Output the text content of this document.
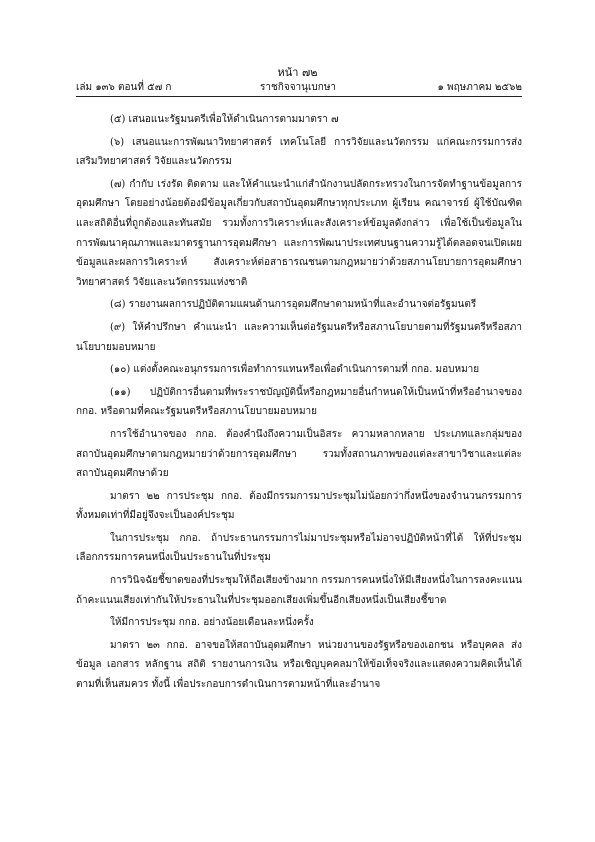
หน้า ๗๒
เล่ม ๑๓๖ ตอนที่ ๕๗ ก	ราชกิจจานุเบกษา	๑ พฤษภาคม ๒๕๖๒

(๕) เสนอแนะรัฐมนตรีเพื่อให้ดำเนินการตามมาตรา ๗

(๖) เสนอแนะการพัฒนาวิทยาศาสตร์ เทคโนโลยี การวิจัยและนวัตกรรม แก่คณะกรรมการส่งเสริมวิทยาศาสตร์ วิจัยและนวัตกรรม

(๗) กำกับ เร่งรัด ติดตาม และให้คำแนะนำแก่สำนักงานปลัดกระทรวงในการจัดทำฐานข้อมูลการอุดมศึกษา โดยอย่างน้อยต้องมีข้อมูลเกี่ยวกับสถาบันอุดมศึกษาทุกประเภท ผู้เรียน คณาจารย์ ผู้ใช้บัณฑิต และสถิติอื่นที่ถูกต้องและทันสมัย รวมทั้งการวิเคราะห์และสังเคราะห์ข้อมูลดังกล่าว เพื่อใช้เป็นข้อมูลในการพัฒนาคุณภาพและมาตรฐานการอุดมศึกษา และการพัฒนาประเทศบนฐานความรู้ได้ตลอดจนเปิดเผยข้อมูลและผลการวิเคราะห์ สังเคราะห์ต่อสาธารณชนตามกฎหมายว่าด้วยสภานโยบายการอุดมศึกษา วิทยาศาสตร์ วิจัยและนวัตกรรมแห่งชาติ

(๘) รายงานผลการปฏิบัติตามแผนด้านการอุดมศึกษาตามหน้าที่และอำนาจต่อรัฐมนตรี

(๙) ให้คำปรึกษา คำแนะนำ และความเห็นต่อรัฐมนตรีหรือสภานโยบายตามที่รัฐมนตรีหรือสภานโยบายมอบหมาย

(๑๐) แต่งตั้งคณะอนุกรรมการเพื่อทำการแทนหรือเพื่อดำเนินการตามที่ กกอ. มอบหมาย

(๑๑) ปฏิบัติการอื่นตามที่พระราชบัญญัตินี้หรือกฎหมายอื่นกำหนดให้เป็นหน้าที่หรืออำนาจของ กกอ. หรือตามที่คณะรัฐมนตรีหรือสภานโยบายมอบหมาย

การใช้อำนาจของ กกอ. ต้องคำนึงถึงความเป็นอิสระ ความหลากหลาย ประเภทและกลุ่มของสถาบันอุดมศึกษาตามกฎหมายว่าด้วยการอุดมศึกษา รวมทั้งสถานภาพของแต่ละสาขาวิชาและแต่ละสถาบันอุดมศึกษาด้วย

มาตรา ๒๒ การประชุม กกอ. ต้องมีกรรมการมาประชุมไม่น้อยกว่ากึ่งหนึ่งของจำนวนกรรมการทั้งหมดเท่าที่มีอยู่จึงจะเป็นองค์ประชุม

ในการประชุม กกอ. ถ้าประธานกรรมการไม่มาประชุมหรือไม่อาจปฏิบัติหน้าที่ได้ ให้ที่ประชุมเลือกกรรมการคนหนึ่งเป็นประธานในที่ประชุม

การวินิจฉัยชี้ขาดของที่ประชุมให้ถือเสียงข้างมาก กรรมการคนหนึ่งให้มีเสียงหนึ่งในการลงคะแนน ถ้าคะแนนเสียงเท่ากันให้ประธานในที่ประชุมออกเสียงเพิ่มขึ้นอีกเสียงหนึ่งเป็นเสียงชี้ขาด

ให้มีการประชุม กกอ. อย่างน้อยเดือนละหนึ่งครั้ง

มาตรา ๒๓ กกอ. อาจขอให้สถาบันอุดมศึกษา หน่วยงานของรัฐหรือของเอกชน หรือบุคคล ส่งข้อมูล เอกสาร หลักฐาน สถิติ รายงานการเงิน หรือเชิญบุคคลมาให้ข้อเท็จจริงและแสดงความคิดเห็นได้ตามที่เห็นสมควร ทั้งนี้ เพื่อประกอบการดำเนินการตามหน้าที่และอำนาจ
